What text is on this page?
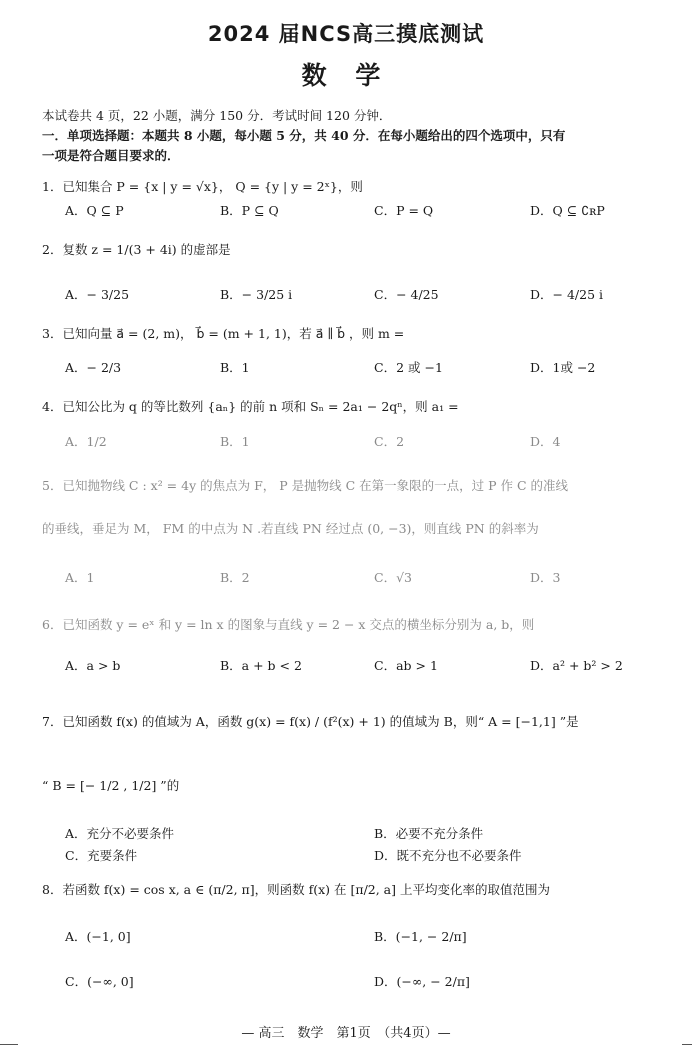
2024 届NCS高三摸底测试
数 学
本试卷共 4 页，22 小题，满分 150 分．考试时间 120 分钟．
一．单项选择题：本题共 8 小题，每小题 5 分，共 40 分．在每小题给出的四个选项中，只有
一项是符合题目要求的．
1．已知集合 P = {x | y = √x}， Q = {y | y = 2ˣ}，则
A．Q ⊆ P	B．P ⊆ Q	C．P = Q	D．Q ⊆ ∁ʀP
2．复数 z = 1/(3 + 4i) 的虚部是
A．− 3/25	B．− 3/25 i	C．− 4/25	D．− 4/25 i
3．已知向量 a⃗ = (2, m)， b⃗ = (m + 1, 1)，若 a⃗ ∥ b⃗ ，则 m =
A．− 2/3	B．1	C．2 或 −1	D．1或 −2
4．已知公比为 q 的等比数列 {aₙ} 的前 n 项和 Sₙ = 2a₁ − 2qⁿ，则 a₁ =
A．1/2	B．1	C．2	D．4
5．已知抛物线 C : x² = 4y 的焦点为 F， P 是抛物线 C 在第一象限的一点，过 P 作 C 的准线
的垂线，垂足为 M， FM 的中点为 N .若直线 PN 经过点 (0, −3)，则直线 PN 的斜率为
A．1	B．2	C．√3	D．3
6．已知函数 y = eˣ 和 y = ln x 的图象与直线 y = 2 − x 交点的横坐标分别为 a, b，则
A．a > b	B．a + b < 2	C．ab > 1	D．a² + b² > 2
7．已知函数 f(x) 的值域为 A，函数 g(x) = f(x) / (f²(x) + 1) 的值域为 B，则“ A = [−1,1] ”是
“ B = [− 1/2 , 1/2] ”的
A．充分不必要条件	B．必要不充分条件
C．充要条件	D．既不充分也不必要条件
8．若函数 f(x) = cos x, a ∈ (π/2, π]，则函数 f(x) 在 [π/2, a] 上平均变化率的取值范围为
A．(−1, 0]	B．(−1, − 2/π]
C．(−∞, 0]	D．(−∞, − 2/π]
— 高三　数学　第1页　（共4页）—
